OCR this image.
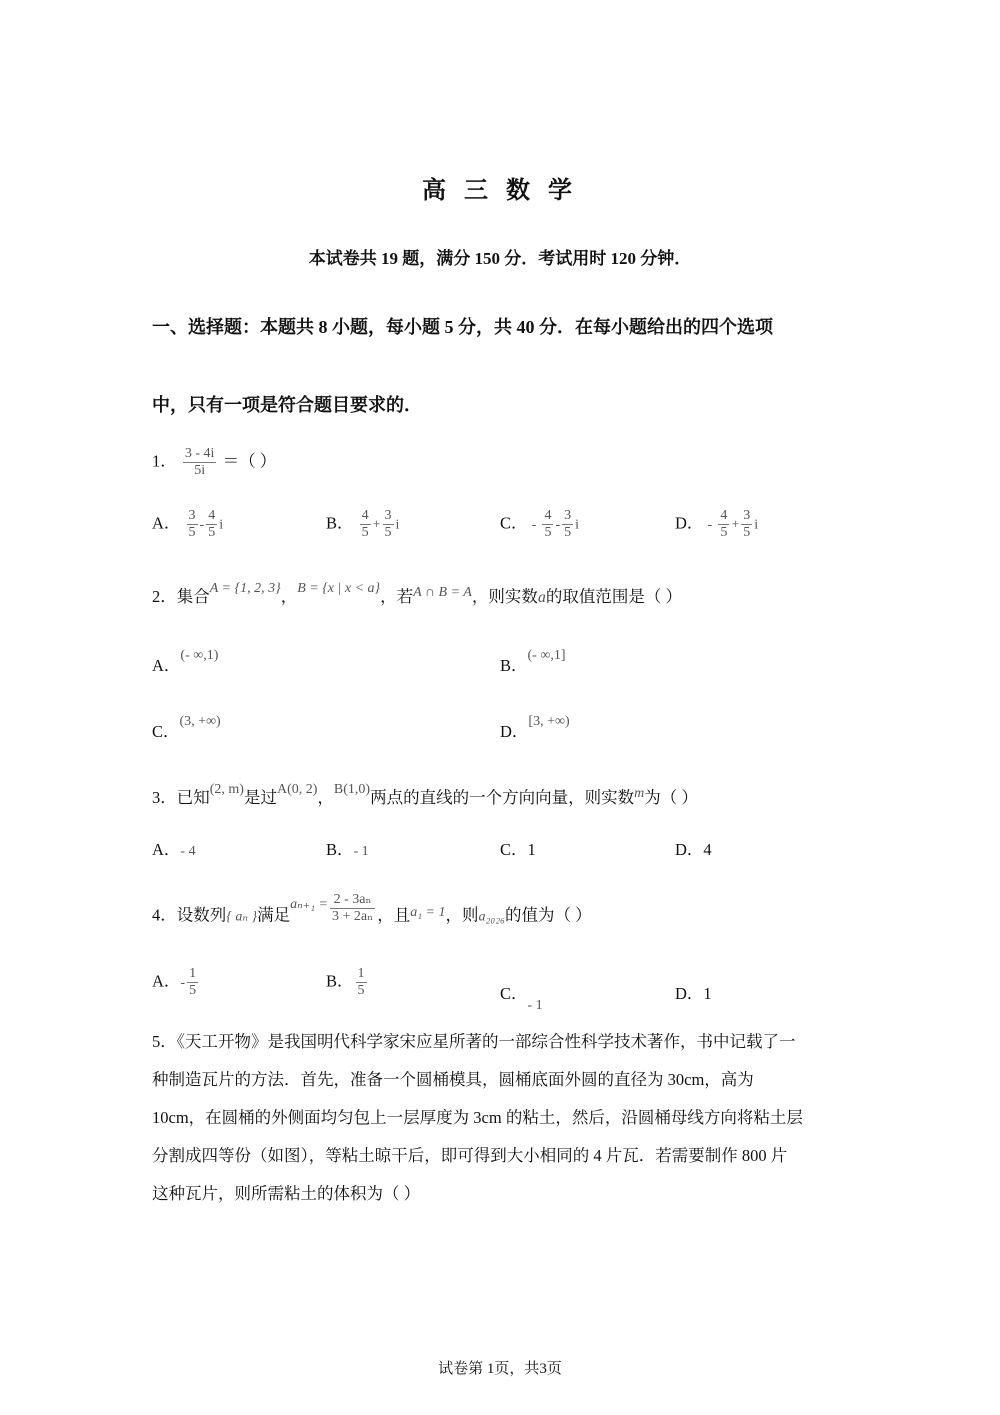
高 三 数 学
本试卷共 19 题，满分 150 分．考试用时 120 分钟．
一、选择题：本题共 8 小题，每小题 5 分，共 40 分．在每小题给出的四个选项
中，只有一项是符合题目要求的．
1． $\frac{3 - 4i}{5i}$ ＝（ ）
A． $\frac{3}{5} - \frac{4}{5}$ i	B． $\frac{4}{5} + \frac{3}{5}$ i	C． - $\frac{4}{5} - \frac{3}{5}$ i	D． - $\frac{4}{5} + \frac{3}{5}$ i
2．集合$^{A = \{1, 2, 3\}}$，$^{B = \{x | x < a\}}$，若$^{A \cap B = A}$，则实数a的取值范围是（ ）
A．$^{(- \infty,1)}$
B．$^{(- \infty,1]}$
C．$^{(3, +\infty)}$
D．$^{[3, +\infty)}$
3．已知$^{(2, m)}$是过$^{A(0, 2)}$，$^{B(1,0)}$两点的直线的一个方向向量，则实数$^m$为（ ）
A．- 4	B．- 1	C．1	D．4
4．设数列{ aₙ }满足$^{a_{n+1} =} \frac{\text{2 - 3aₙ}}{\text{3 + 2aₙ}}$ ，且$^{a_1 = 1}$，则a₂₀₂₆的值为（ ）
A．- $\frac{1}{5}$	B． $\frac{1}{5}$	C．$_{- 1}$
D．1
5．《天工开物》是我国明代科学家宋应星所著的一部综合性科学技术著作，书中记载了一
种制造瓦片的方法．首先，准备一个圆桶模具，圆桶底面外圆的直径为 30cm，高为
10cm，在圆桶的外侧面均匀包上一层厚度为 3cm 的粘土，然后，沿圆桶母线方向将粘土层
分割成四等份（如图），等粘土晾干后，即可得到大小相同的 4 片瓦．若需要制作 800 片
这种瓦片，则所需粘土的体积为（ ）
试卷第 1页，共3页
